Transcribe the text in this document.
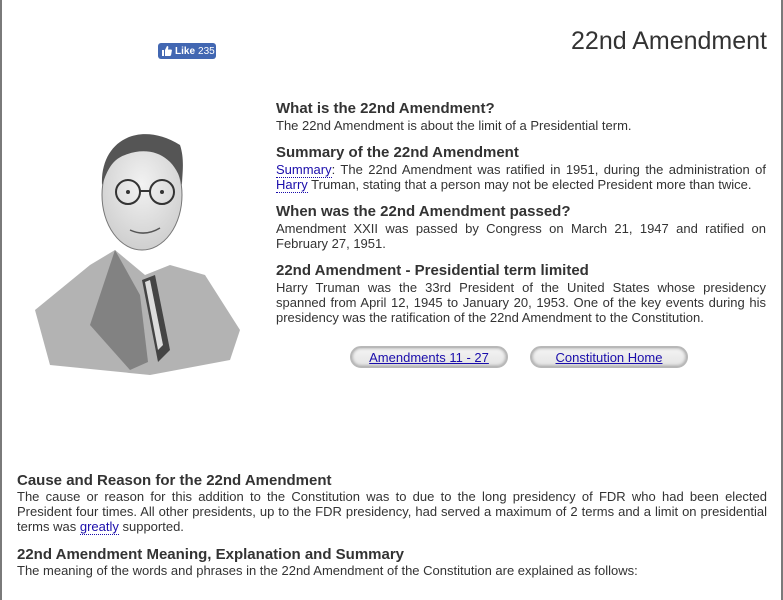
Like 235	22nd Amendment
What is the 22nd Amendment?

The 22nd Amendment is about the limit of a Presidential term.

Summary of the 22nd Amendment

Summary: The 22nd Amendment was ratified in 1951, during the administration of Harry Truman, stating that a person may not be elected President more than twice.

When was the 22nd Amendment passed?

Amendment XXII was passed by Congress on March 21, 1947 and ratified on February 27, 1951.

22nd Amendment - Presidential term limited

Harry Truman was the 33rd President of the United States whose presidency spanned from April 12, 1945 to January 20, 1953. One of the key events during his presidency was the ratification of the 22nd Amendment to the Constitution.

Amendments 11 - 27	Constitution Home
Cause and Reason for the 22nd Amendment

The cause or reason for this addition to the Constitution was to due to the long presidency of FDR who had been elected President four times. All other presidents, up to the FDR presidency, had served a maximum of 2 terms and a limit on presidential terms was greatly supported.

22nd Amendment Meaning, Explanation and Summary

The meaning of the words and phrases in the 22nd Amendment of the Constitution are explained as follows:
